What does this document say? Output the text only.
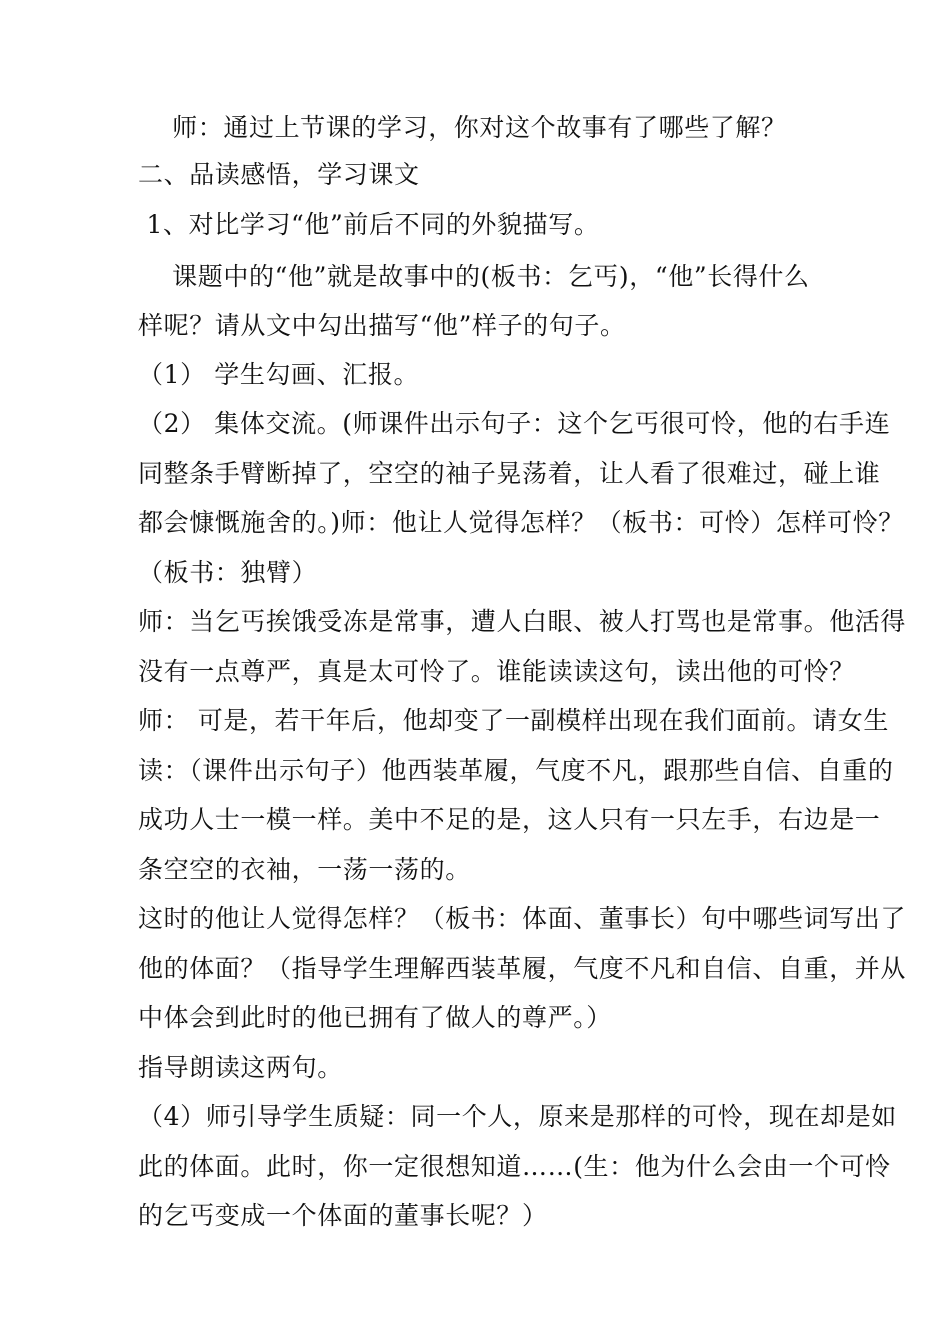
师：通过上节课的学习，你对这个故事有了哪些了解？
二、品读感悟，学习课文
1、对比学习“他”前后不同的外貌描写。
课题中的“他”就是故事中的(板书：乞丐)，“他”长得什么
样呢？请从文中勾出描写“他”样子的句子。
（1） 学生勾画、汇报。
（2） 集体交流。(师课件出示句子：这个乞丐很可怜，他的右手连
同整条手臂断掉了，空空的袖子晃荡着，让人看了很难过，碰上谁
都会慷慨施舍的。)师：他让人觉得怎样？（板书：可怜）怎样可怜？
（板书：独臂）
师：当乞丐挨饿受冻是常事，遭人白眼、被人打骂也是常事。他活得
没有一点尊严，真是太可怜了。谁能读读这句，读出他的可怜？
师： 可是，若干年后，他却变了一副模样出现在我们面前。请女生
读：（课件出示句子）他西装革履，气度不凡，跟那些自信、自重的
成功人士一模一样。美中不足的是，这人只有一只左手，右边是一
条空空的衣袖，一荡一荡的。
这时的他让人觉得怎样？（板书：体面、董事长）句中哪些词写出了
他的体面？（指导学生理解西装革履，气度不凡和自信、自重，并从
中体会到此时的他已拥有了做人的尊严。）
指导朗读这两句。
（4）师引导学生质疑：同一个人，原来是那样的可怜，现在却是如
此的体面。此时，你一定很想知道……(生：他为什么会由一个可怜
的乞丐变成一个体面的董事长呢？）
